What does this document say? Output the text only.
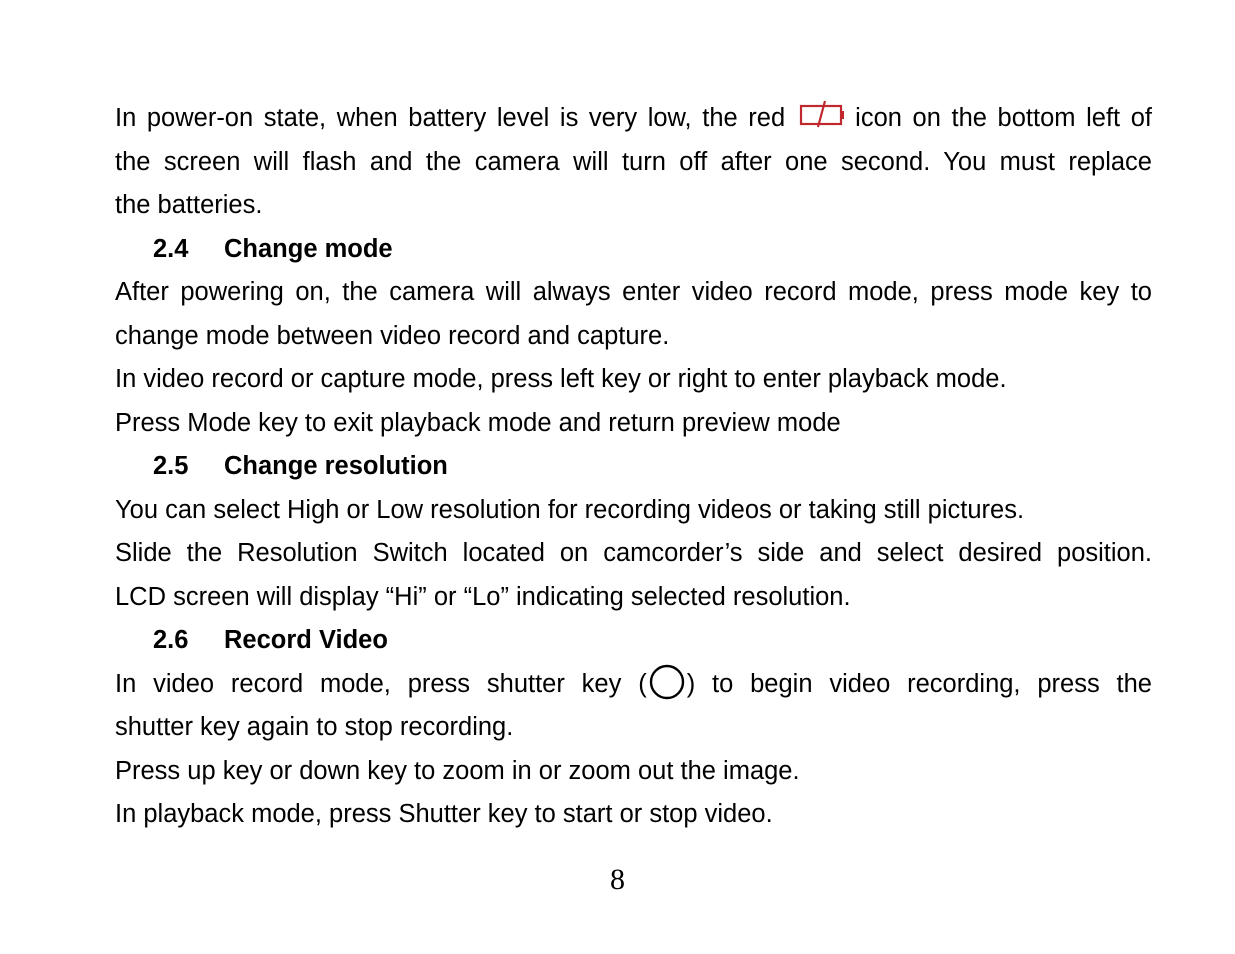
In power-on state, when battery level is very low, the red	icon on the bottom left of
the screen will flash and the camera will turn off after one second. You must replace
the batteries.
2.4 Change mode
After powering on, the camera will always enter video record mode, press mode key to
change mode between video record and capture.
In video record or capture mode, press left key or right to enter playback mode.
Press Mode key to exit playback mode and return preview mode
2.5 Change resolution
You can select High or Low resolution for recording videos or taking still pictures.
Slide the Resolution Switch located on camcorder’s side and select desired position.
LCD screen will display “Hi” or “Lo” indicating selected resolution.
2.6 Record Video
In video record mode, press shutter key ( ) to begin video recording, press the
shutter key again to stop recording.
Press up key or down key to zoom in or zoom out the image.
In playback mode, press Shutter key to start or stop video.
8
